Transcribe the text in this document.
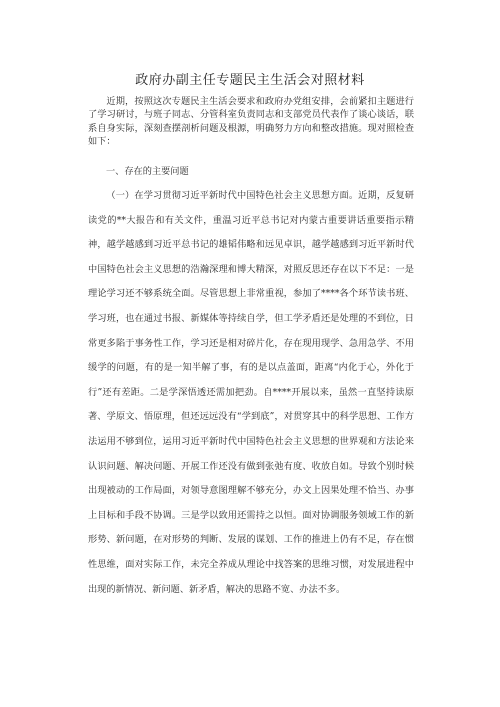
政府办副主任专题民主生活会对照材料

近期，按照这次专题民主生活会要求和政府办党组安排，会前紧扣主题进行了学习研讨，与班子同志、分管科室负责同志和支部党员代表作了谈心谈话，联系自身实际，深刻查摆剖析问题及根源，明确努力方向和整改措施。现对照检查如下：

一、存在的主要问题

（一）在学习贯彻习近平新时代中国特色社会主义思想方面。近期，反复研读党的**大报告和有关文件，重温习近平总书记对内蒙古重要讲话重要指示精神，越学越感到习近平总书记的雄韬伟略和远见卓识，越学越感到习近平新时代中国特色社会主义思想的浩瀚深理和博大精深，对照反思还存在以下不足：一是理论学习还不够系统全面。尽管思想上非常重视，参加了****各个环节读书班、学习班，也在通过书报、新媒体等持续自学，但工学矛盾还是处理的不到位，日常更多陷于事务性工作，学习还是相对碎片化，存在现用现学、急用急学、不用缓学的问题，有的是一知半解了事，有的是以点盖面，距离“内化于心，外化于行”还有差距。二是学深悟透还需加把劲。自****开展以来，虽然一直坚持读原著、学原文、悟原理，但还远远没有“学到底”，对贯穿其中的科学思想、工作方法运用不够到位，运用习近平新时代中国特色社会主义思想的世界观和方法论来认识问题、解决问题、开展工作还没有做到张弛有度、收放自如。导致个别时候出现被动的工作局面，对领导意图理解不够充分，办文上因果处理不恰当、办事上目标和手段不协调。三是学以致用还需持之以恒。面对协调服务领域工作的新形势、新问题，在对形势的判断、发展的谋划、工作的推进上仍有不足，存在惯性思维，面对实际工作，未完全养成从理论中找答案的思维习惯，对发展进程中出现的新情况、新问题、新矛盾，解决的思路不宽、办法不多。
